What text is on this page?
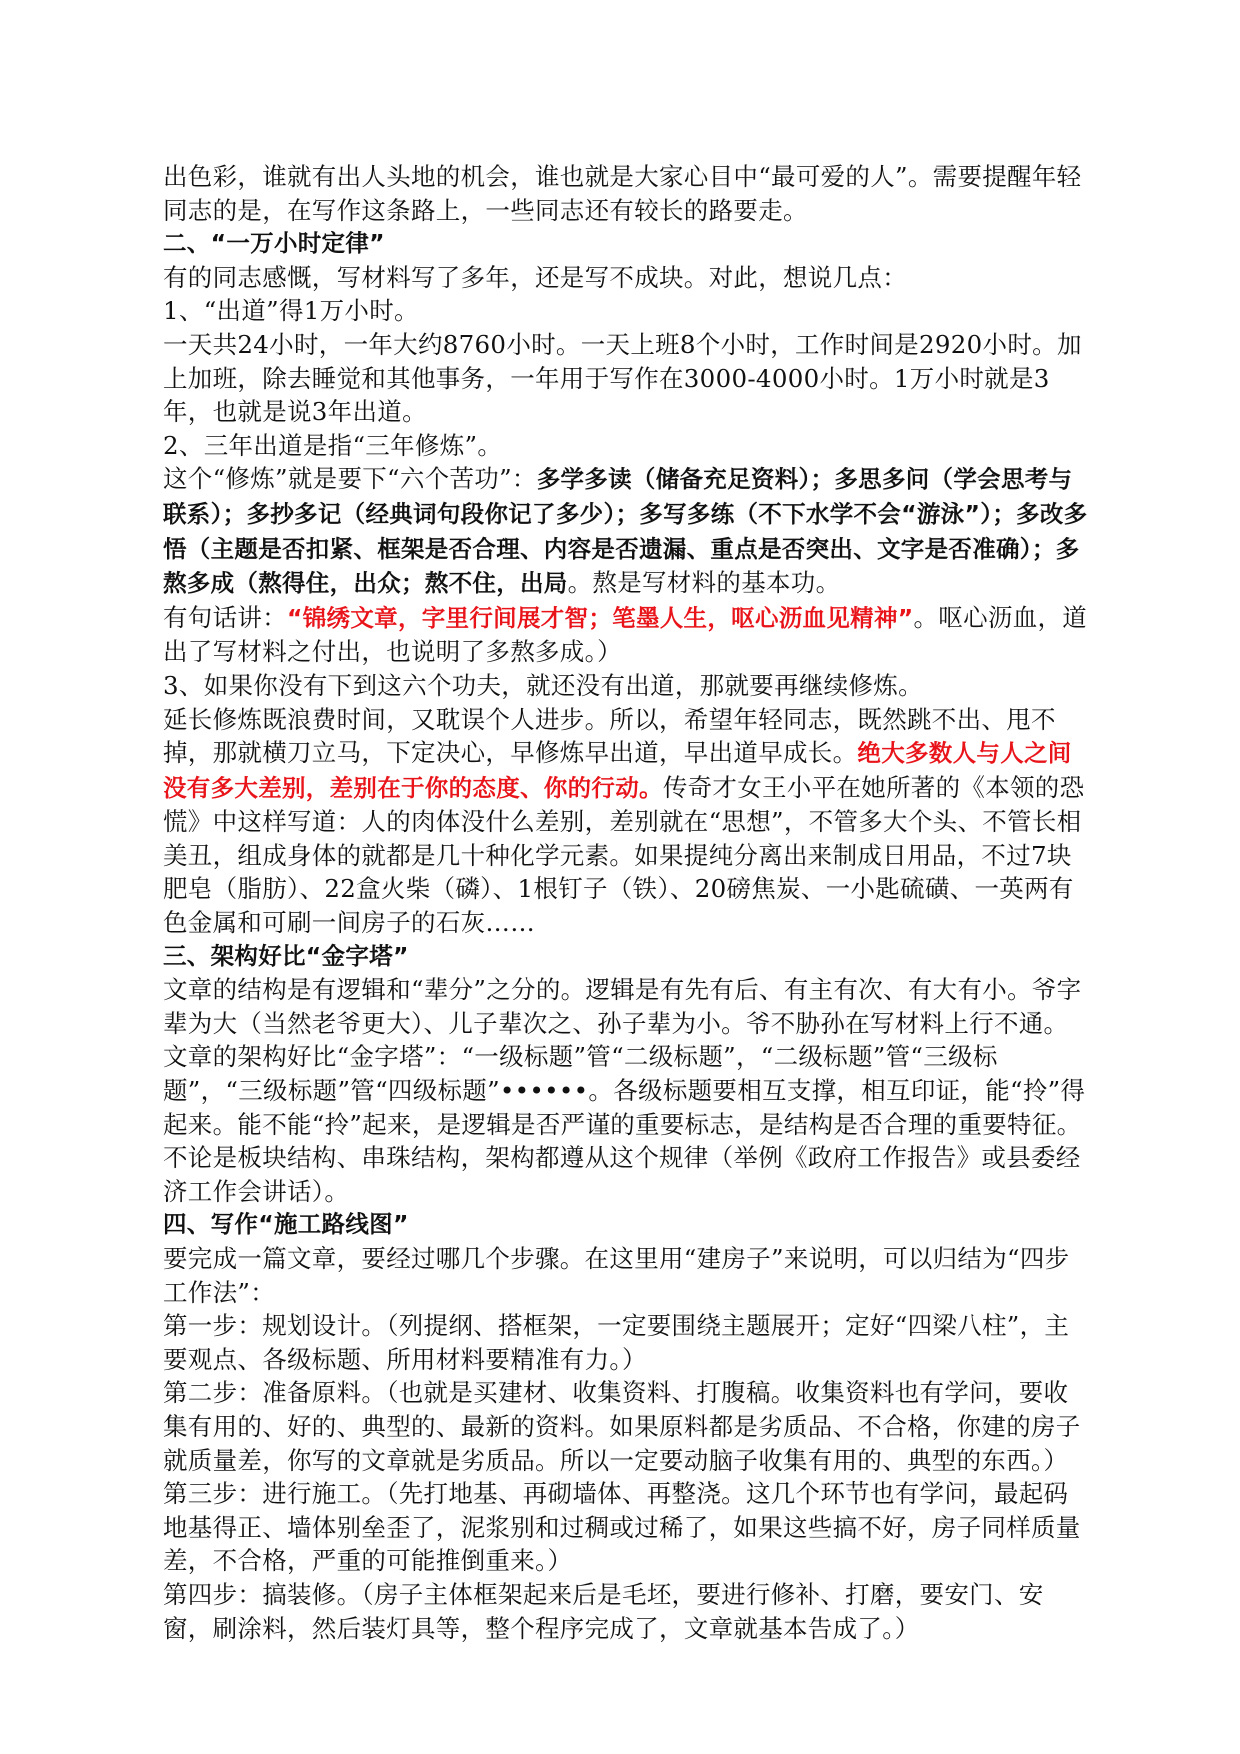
出色彩，谁就有出人头地的机会，谁也就是大家心目中“最可爱的人”。需要提醒年轻同志的是，在写作这条路上，一些同志还有较长的路要走。

二、“一万小时定律”

有的同志感慨，写材料写了多年，还是写不成块。对此，想说几点：

1、“出道”得1万小时。

一天共24小时，一年大约8760小时。一天上班8个小时，工作时间是2920小时。加上加班，除去睡觉和其他事务，一年用于写作在3000-4000小时。1万小时就是3年，也就是说3年出道。

2、三年出道是指“三年修炼”。

这个“修炼”就是要下“六个苦功”：多学多读（储备充足资料）；多思多问（学会思考与联系）；多抄多记（经典词句段你记了多少）；多写多练（不下水学不会“游泳”）；多改多悟（主题是否扣紧、框架是否合理、内容是否遗漏、重点是否突出、文字是否准确）；多熬多成（熬得住，出众；熬不住，出局。熬是写材料的基本功。

有句话讲：“锦绣文章，字里行间展才智；笔墨人生，呕心沥血见精神”。呕心沥血，道出了写材料之付出，也说明了多熬多成。）

3、如果你没有下到这六个功夫，就还没有出道，那就要再继续修炼。

延长修炼既浪费时间，又耽误个人进步。所以，希望年轻同志，既然跳不出、甩不掉，那就横刀立马，下定决心，早修炼早出道，早出道早成长。绝大多数人与人之间没有多大差别，差别在于你的态度、你的行动。传奇才女王小平在她所著的《本领的恐慌》中这样写道：人的肉体没什么差别，差别就在“思想”，不管多大个头、不管长相美丑，组成身体的就都是几十种化学元素。如果提纯分离出来制成日用品，不过7块肥皂（脂肪）、22盒火柴（磷）、1根钉子（铁）、20磅焦炭、一小匙硫磺、一英两有色金属和可刷一间房子的石灰……

三、架构好比“金字塔”

文章的结构是有逻辑和“辈分”之分的。逻辑是有先有后、有主有次、有大有小。爷字辈为大（当然老爷更大）、儿子辈次之、孙子辈为小。爷不胁孙在写材料上行不通。文章的架构好比“金字塔”：“一级标题”管“二级标题”，“二级标题”管“三级标题”，“三级标题”管“四级标题”••••••。各级标题要相互支撑，相互印证，能“拎”得起来。能不能“拎”起来，是逻辑是否严谨的重要标志，是结构是否合理的重要特征。不论是板块结构、串珠结构，架构都遵从这个规律（举例《政府工作报告》或县委经济工作会讲话）。

四、写作“施工路线图”

要完成一篇文章，要经过哪几个步骤。在这里用“建房子”来说明，可以归结为“四步工作法”：

第一步：规划设计。（列提纲、搭框架，一定要围绕主题展开；定好“四梁八柱”，主要观点、各级标题、所用材料要精准有力。）

第二步：准备原料。（也就是买建材、收集资料、打腹稿。收集资料也有学问，要收集有用的、好的、典型的、最新的资料。如果原料都是劣质品、不合格，你建的房子就质量差，你写的文章就是劣质品。所以一定要动脑子收集有用的、典型的东西。）

第三步：进行施工。（先打地基、再砌墙体、再整浇。这几个环节也有学问，最起码地基得正、墙体别垒歪了，泥浆别和过稠或过稀了，如果这些搞不好，房子同样质量差，不合格，严重的可能推倒重来。）

第四步：搞装修。（房子主体框架起来后是毛坯，要进行修补、打磨，要安门、安窗，刷涂料，然后装灯具等，整个程序完成了，文章就基本告成了。）
